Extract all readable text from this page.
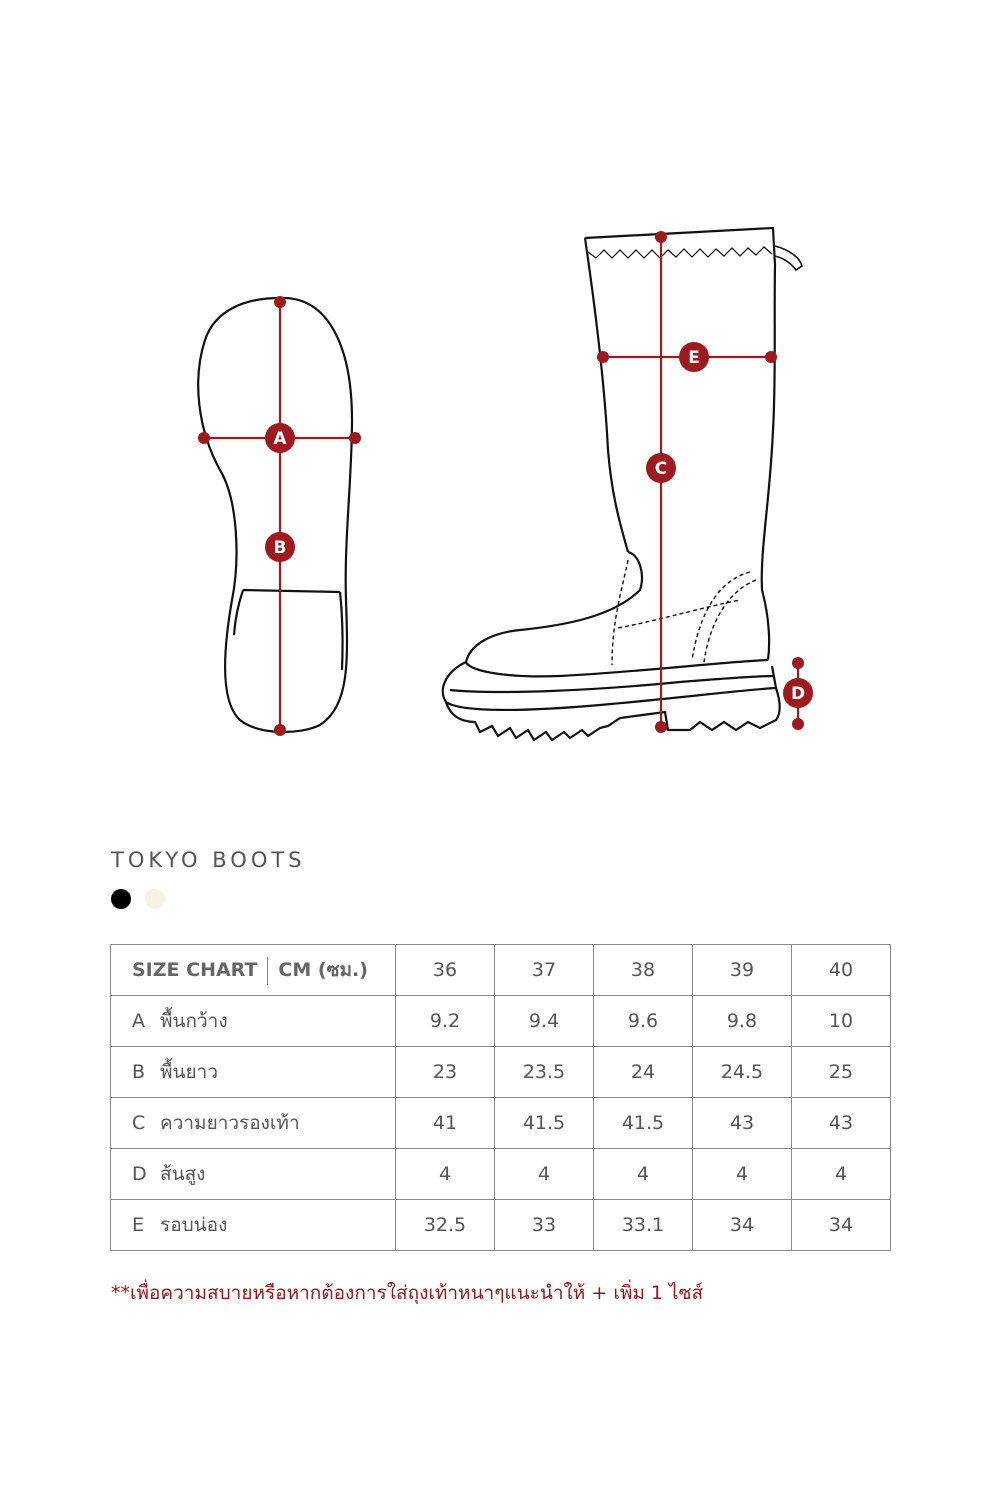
A
B
C
D
E
TOKYO BOOTS
SIZE CHART CM (ซม.)	36	37	38	39	40
A พื้นกว้าง	9.2	9.4	9.6	9.8	10
B พื้นยาว	23	23.5	24	24.5	25
C ความยาวรองเท้า	41	41.5	41.5	43	43
D ส้นสูง	4	4	4	4	4
E รอบน่อง	32.5	33	33.1	34	34
**เพื่อความสบายหรือหากต้องการใส่ถุงเท้าหนาๆแนะนำให้ + เพิ่ม 1 ไซส์
